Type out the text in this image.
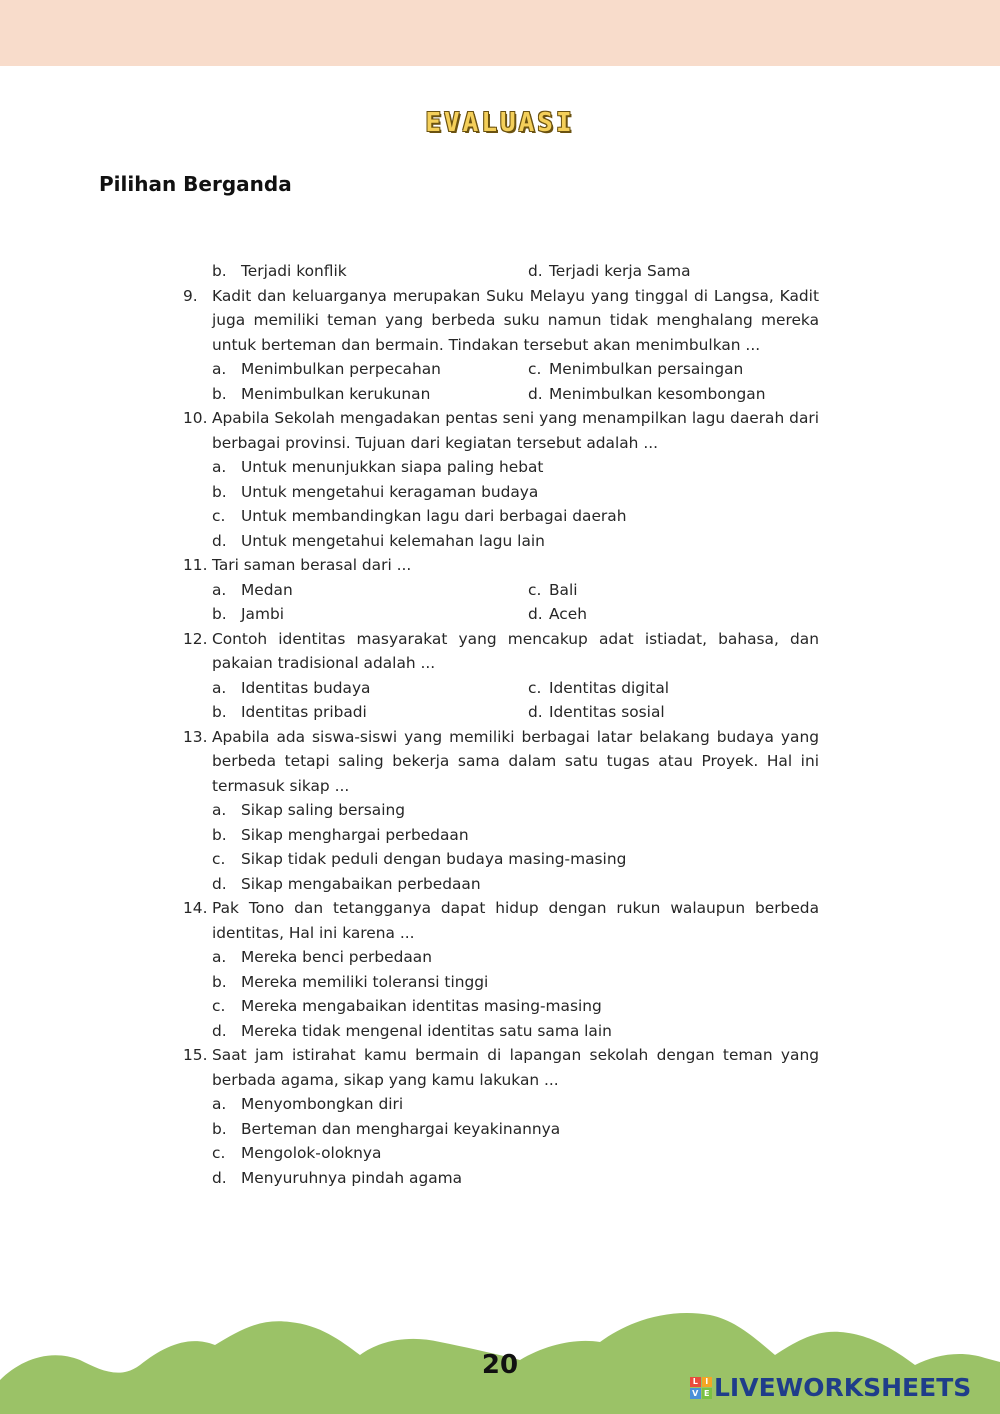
EVALUASI
Pilihan Berganda
b. Terjadi konflik	d. Terjadi kerja Sama
9. Kadit dan keluarganya merupakan Suku Melayu yang tinggal di Langsa, Kadit juga memiliki teman yang berbeda suku namun tidak menghalang mereka untuk berteman dan bermain. Tindakan tersebut akan menimbulkan ...
a. Menimbulkan perpecahan	c. Menimbulkan persaingan
b. Menimbulkan kerukunan	d. Menimbulkan kesombongan
10. Apabila Sekolah mengadakan pentas seni yang menampilkan lagu daerah dari berbagai provinsi. Tujuan dari kegiatan tersebut adalah ...
a. Untuk menunjukkan siapa paling hebat
b. Untuk mengetahui keragaman budaya
c.	Untuk membandingkan lagu dari berbagai daerah
d. Untuk mengetahui kelemahan lagu lain
11. Tari saman berasal dari ...
a. Medan	c. Bali
b. Jambi	d. Aceh
12. Contoh identitas masyarakat yang mencakup adat istiadat, bahasa, dan pakaian tradisional adalah ...
a. Identitas budaya	c. Identitas digital
b. Identitas pribadi	d. Identitas sosial
13. Apabila ada siswa-siswi yang memiliki berbagai latar belakang budaya yang berbeda tetapi saling bekerja sama dalam satu tugas atau Proyek. Hal ini termasuk sikap ...
a. Sikap saling bersaing
b. Sikap menghargai perbedaan
c.	Sikap tidak peduli dengan budaya masing-masing
d. Sikap mengabaikan perbedaan
14. Pak Tono dan tetangganya dapat hidup dengan rukun walaupun berbeda identitas, Hal ini karena ...
a. Mereka benci perbedaan
b. Mereka memiliki toleransi tinggi
c.	Mereka mengabaikan identitas masing-masing
d. Mereka tidak mengenal identitas satu sama lain
15. Saat jam istirahat kamu bermain di lapangan sekolah dengan teman yang berbada agama, sikap yang kamu lakukan ...
a. Menyombongkan diri
b. Berteman dan menghargai keyakinannya
c.	Mengolok-oloknya
d. Menyuruhnya pindah agama
20
L I
V E LIVEWORKSHEETS
